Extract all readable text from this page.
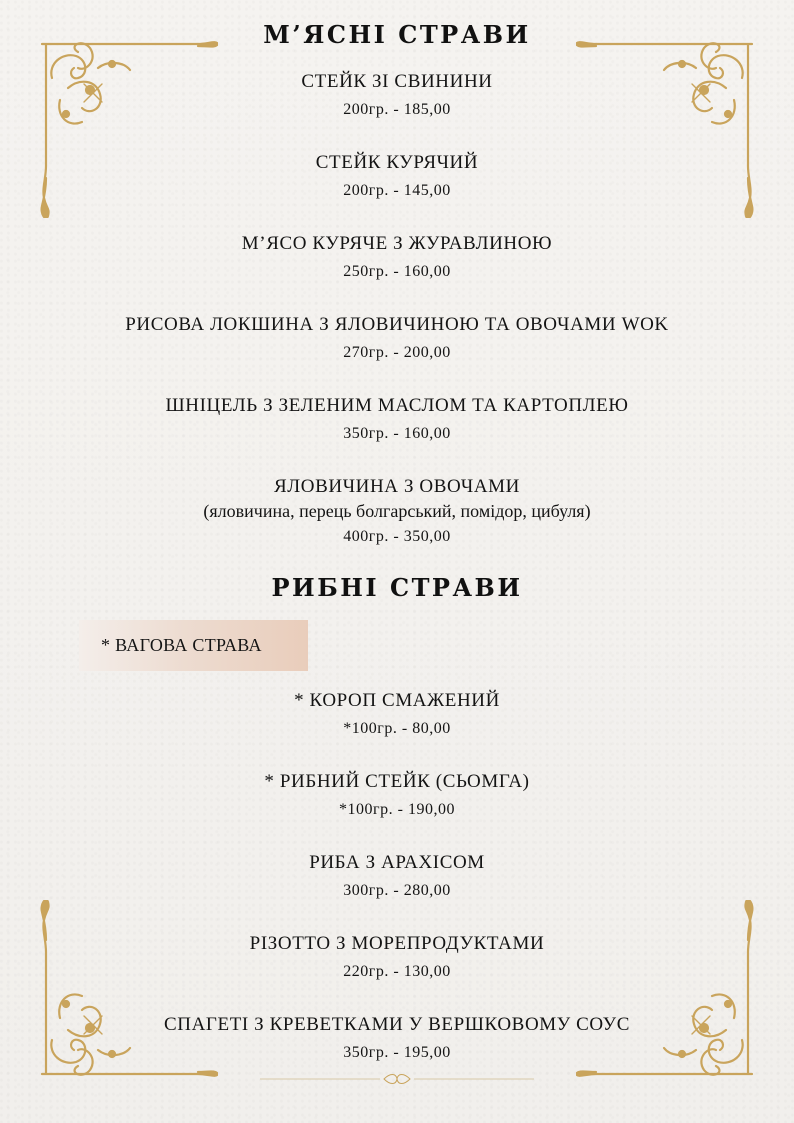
М’ЯСНІ СТРАВИ
СТЕЙК ЗІ СВИНИНИ
200гр. - 185,00
СТЕЙК КУРЯЧИЙ
200гр. - 145,00
М’ЯСО КУРЯЧЕ З ЖУРАВЛИНОЮ
250гр. - 160,00
РИСОВА ЛОКШИНА З ЯЛОВИЧИНОЮ ТА ОВОЧАМИ WOK
270гр. - 200,00
ШНІЦЕЛЬ З ЗЕЛЕНИМ МАСЛОМ ТА КАРТОПЛЕЮ
350гр. - 160,00
ЯЛОВИЧИНА З ОВОЧАМИ
(яловичина, перець болгарський, помідор, цибуля)
400гр. - 350,00
РИБНІ СТРАВИ
* ВАГОВА СТРАВА
* КОРОП СМАЖЕНИЙ
*100гр. - 80,00
* РИБНИЙ СТЕЙК (СЬОМГА)
*100гр. - 190,00
РИБА З АРАХІСОМ
300гр. - 280,00
РІЗОТТО З МОРЕПРОДУКТАМИ
220гр. - 130,00
СПАГЕТІ З КРЕВЕТКАМИ У ВЕРШКОВОМУ СОУС
350гр. - 195,00
